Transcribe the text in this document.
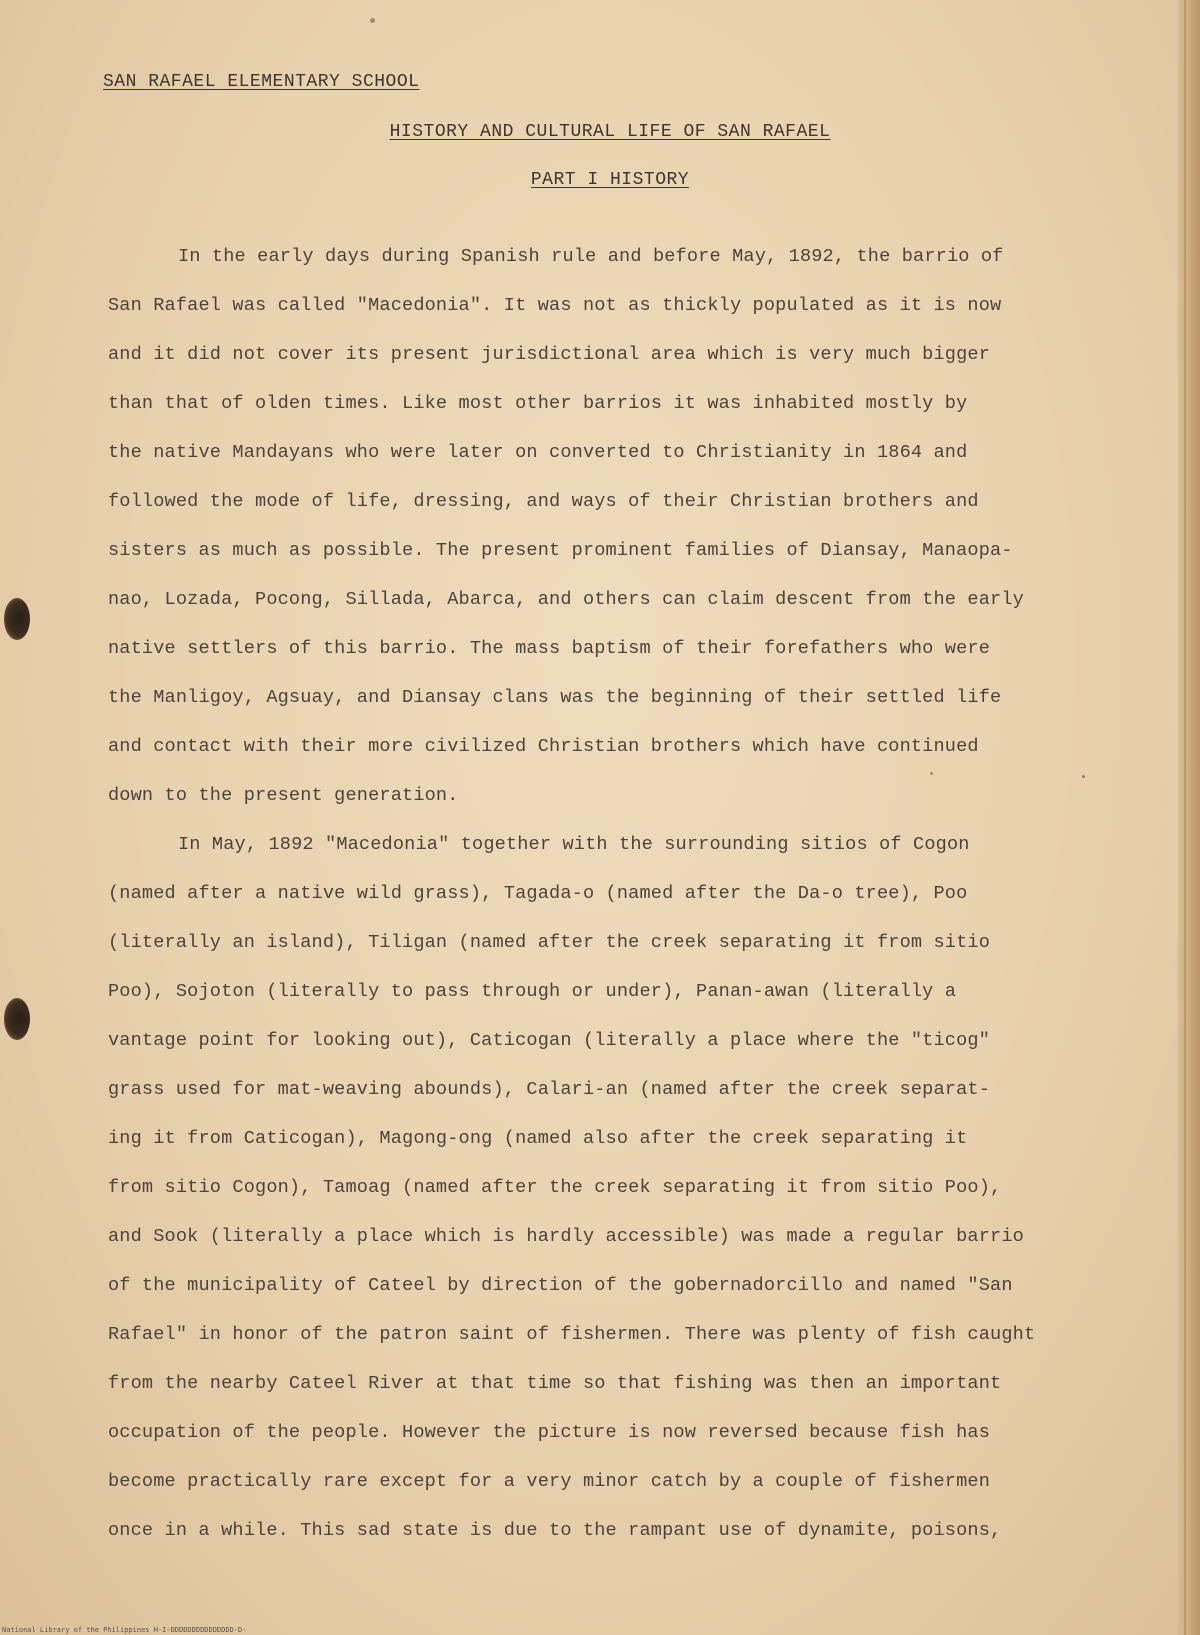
SAN RAFAEL ELEMENTARY SCHOOL
HISTORY AND CULTURAL LIFE OF SAN RAFAEL
PART I HISTORY
In the early days during Spanish rule and before May, 1892, the barrio of
San Rafael was called "Macedonia". It was not as thickly populated as it is now
and it did not cover its present jurisdictional area which is very much bigger
than that of olden times. Like most other barrios it was inhabited mostly by
the native Mandayans who were later on converted to Christianity in 1864 and
followed the mode of life, dressing, and ways of their Christian brothers and
sisters as much as possible. The present prominent families of Diansay, Manaopa-
nao, Lozada, Pocong, Sillada, Abarca, and others can claim descent from the early
native settlers of this barrio. The mass baptism of their forefathers who were
the Manligoy, Agsuay, and Diansay clans was the beginning of their settled life
and contact with their more civilized Christian brothers which have continued
down to the present generation.
In May, 1892 "Macedonia" together with the surrounding sitios of Cogon
(named after a native wild grass), Tagada-o (named after the Da-o tree), Poo
(literally an island), Tiligan (named after the creek separating it from sitio
Poo), Sojoton (literally to pass through or under), Panan-awan (literally a
vantage point for looking out), Caticogan (literally a place where the "ticog"
grass used for mat-weaving abounds), Calari-an (named after the creek separat-
ing it from Caticogan), Magong-ong (named also after the creek separating it
from sitio Cogon), Tamoag (named after the creek separating it from sitio Poo),
and Sook (literally a place which is hardly accessible) was made a regular barrio
of the municipality of Cateel by direction of the gobernadorcillo and named "San
Rafael" in honor of the patron saint of fishermen. There was plenty of fish caught
from the nearby Cateel River at that time so that fishing was then an important
occupation of the people. However the picture is now reversed because fish has
become practically rare except for a very minor catch by a couple of fishermen
once in a while. This sad state is due to the rampant use of dynamite, poisons,
National Library of the Philippines H-I-DDDDDDDDDDDDDDD-D-
